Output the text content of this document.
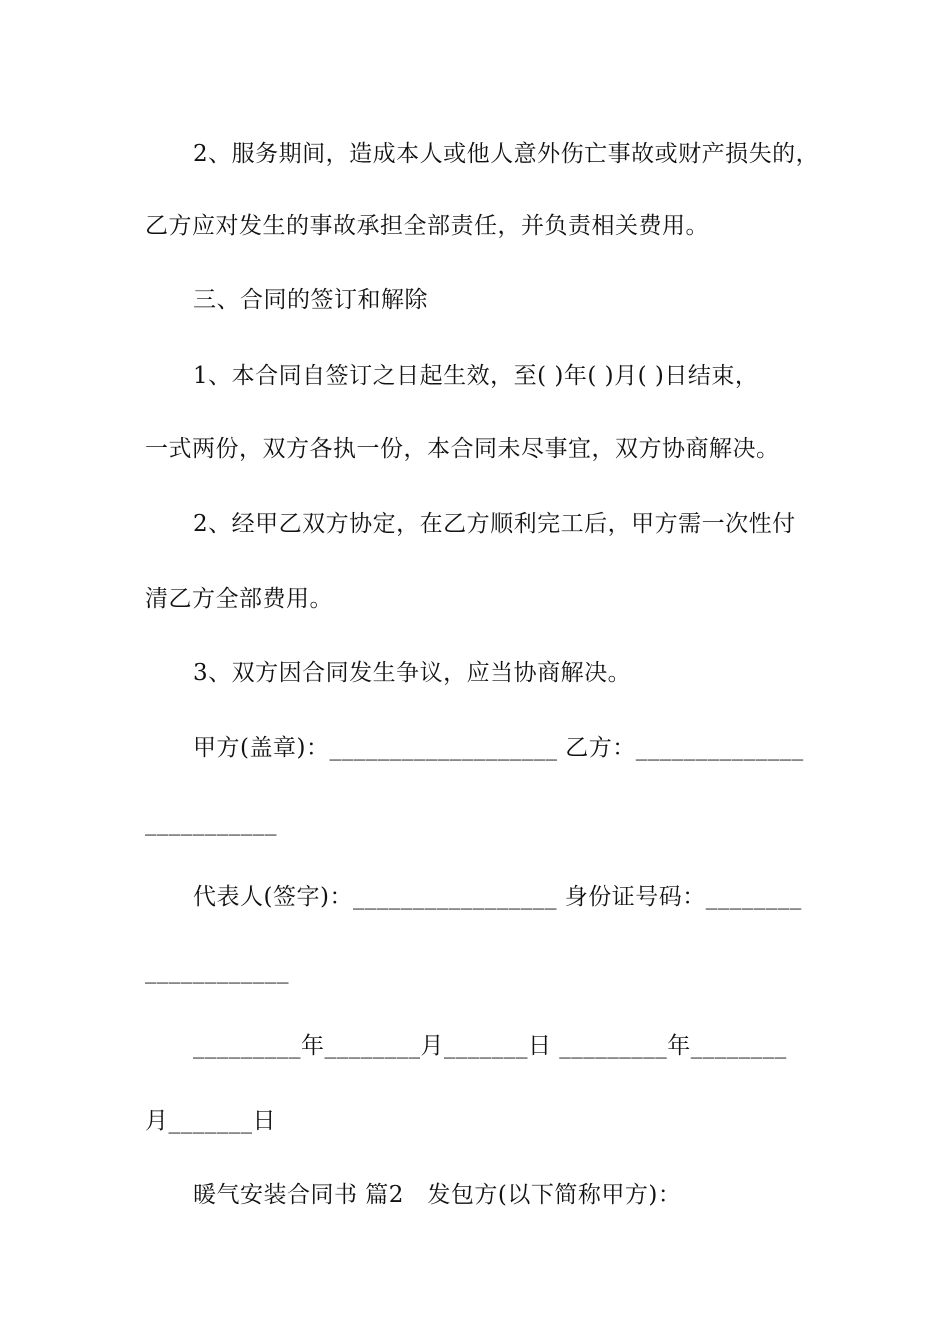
2、服务期间，造成本人或他人意外伤亡事故或财产损失的，
乙方应对发生的事故承担全部责任，并负责相关费用。
三、合同的签订和解除
1、本合同自签订之日起生效，至( )年( )月( )日结束，
一式两份，双方各执一份，本合同未尽事宜，双方协商解决。
2、经甲乙双方协定，在乙方顺利完工后，甲方需一次性付
清乙方全部费用。
3、双方因合同发生争议，应当协商解决。
甲方(盖章)：___________________ 乙方：______________
___________
代表人(签字)：_________________ 身份证号码：________
____________
_________年________月_______日 _________年________
月_______日
暖气安装合同书 篇2   发包方(以下简称甲方)：
